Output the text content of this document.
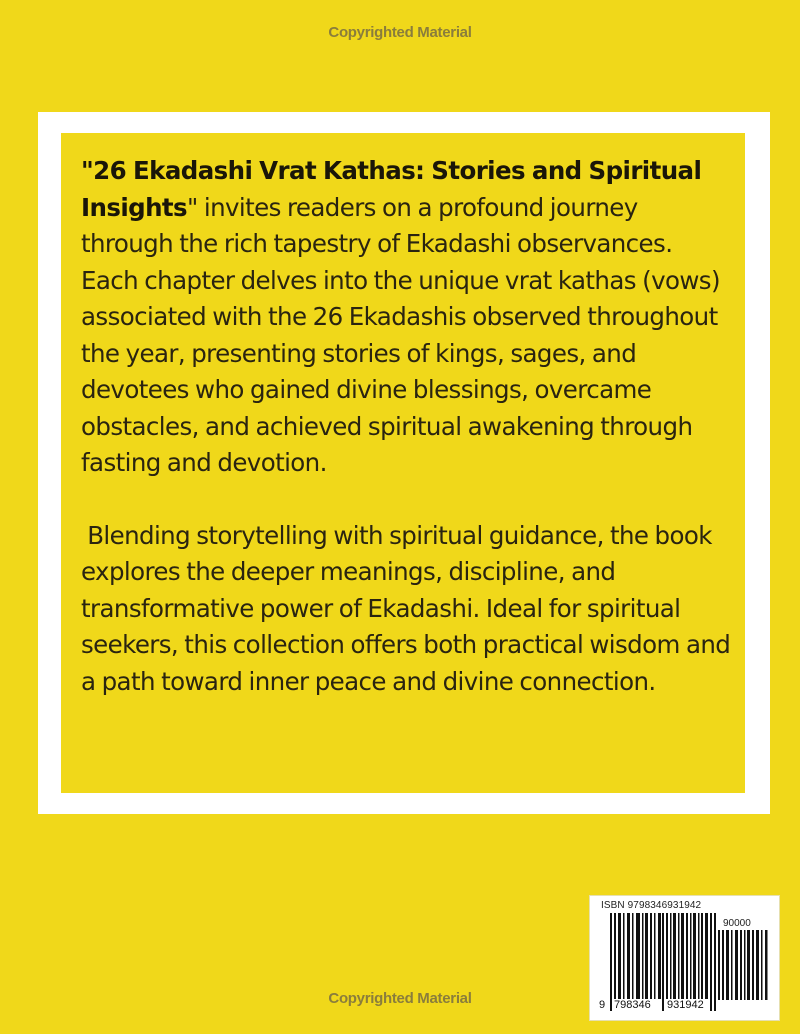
Copyrighted Material

"26 Ekadashi Vrat Kathas: Stories and Spiritual Insights" invites readers on a profound journey through the rich tapestry of Ekadashi observances. Each chapter delves into the unique vrat kathas (vows) associated with the 26 Ekadashis observed throughout the year, presenting stories of kings, sages, and devotees who gained divine blessings, overcame obstacles, and achieved spiritual awakening through fasting and devotion.

Blending storytelling with spiritual guidance, the book explores the deeper meanings, discipline, and transformative power of Ekadashi. Ideal for spiritual seekers, this collection offers both practical wisdom and a path toward inner peace and divine connection.

ISBN 9798346931942
90000
9 798346 931942
Copyrighted Material
